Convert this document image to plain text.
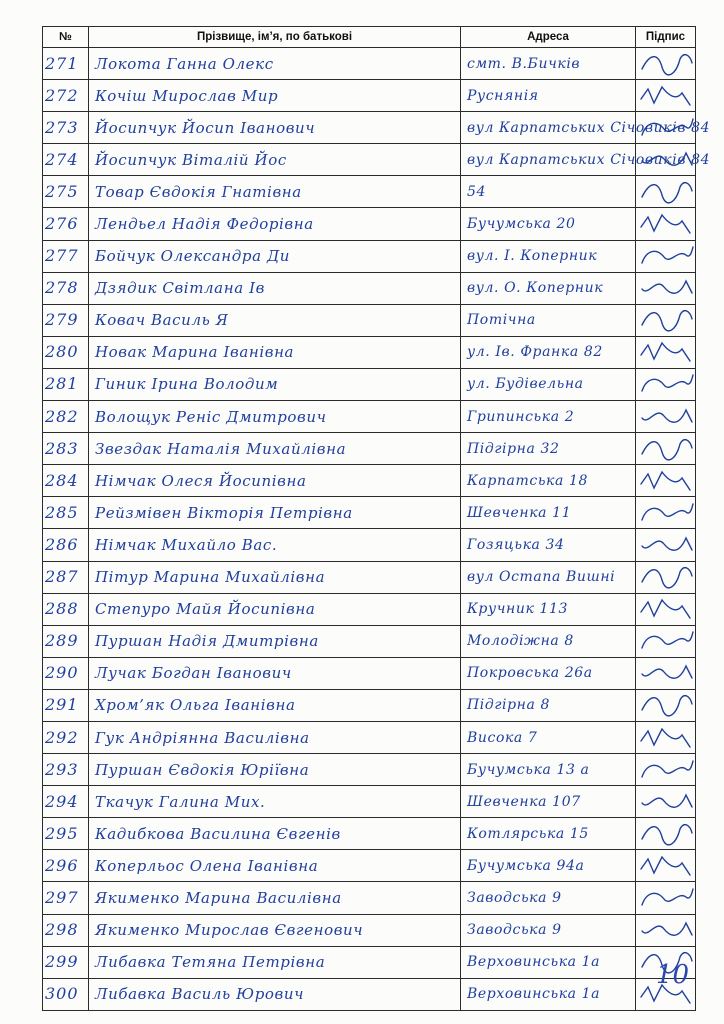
№	Прізвище, ім’я, по батькові	Адреса	Підпис

271	Локота Ганна Олекс	смт. В.Бичків

272	Кочіш Мирослав Мир	Руснянія

273	Йосипчук Йосип Іванович	вул Карпатських Січовиків 84

274	Йосипчук Віталій Йос	вул Карпатських Січовиків 84

275	Товар Євдокія Гнатівна	54

276	Лендьел Надія Федорівна	Бучумська 20

277	Бойчук Олександра Ди	вул. І. Коперник

278	Дзядик Світлана Ів	вул. О. Коперник

279	Ковач Василь Я	Потічна

280	Новак Марина Іванівна	ул. Ів. Франка 82

281	Гиник Ірина Володим	ул. Будівельна

282	Волощук Реніс Дмитрович	Грипинська 2

283	Звездак Наталія Михайлівна	Підгірна 32

284	Німчак Олеся Йосипівна	Карпатська 18

285	Рейзмівен Вікторія Петрівна	Шевченка 11

286	Німчак Михайло Вас.	Гозяцька 34

287	Пітур Марина Михайлівна	вул Остапа Вишні

288	Степуро Майя Йосипівна	Кручник 113

289	Пуршан Надія Дмитрівна	Молодіжна 8

290	Лучак Богдан Іванович	Покровська 26а

291	Хром’як Ольга Іванівна	Підгірна 8

292	Гук Андріянна Василівна	Висока 7

293	Пуршан Євдокія Юріївна	Бучумська 13 а

294	Ткачук Галина Мих.	Шевченка 107

295	Кадибкова Василина Євгенів	Котлярська 15

296	Коперльос Олена Іванівна	Бучумська 94а

297	Якименко Марина Василівна	Заводська 9

298	Якименко Мирослав Євгенович	Заводська 9

299	Либавка Тетяна Петрівна	Верховинська 1а

300	Либавка Василь Юрович	Верховинська 1а

10
